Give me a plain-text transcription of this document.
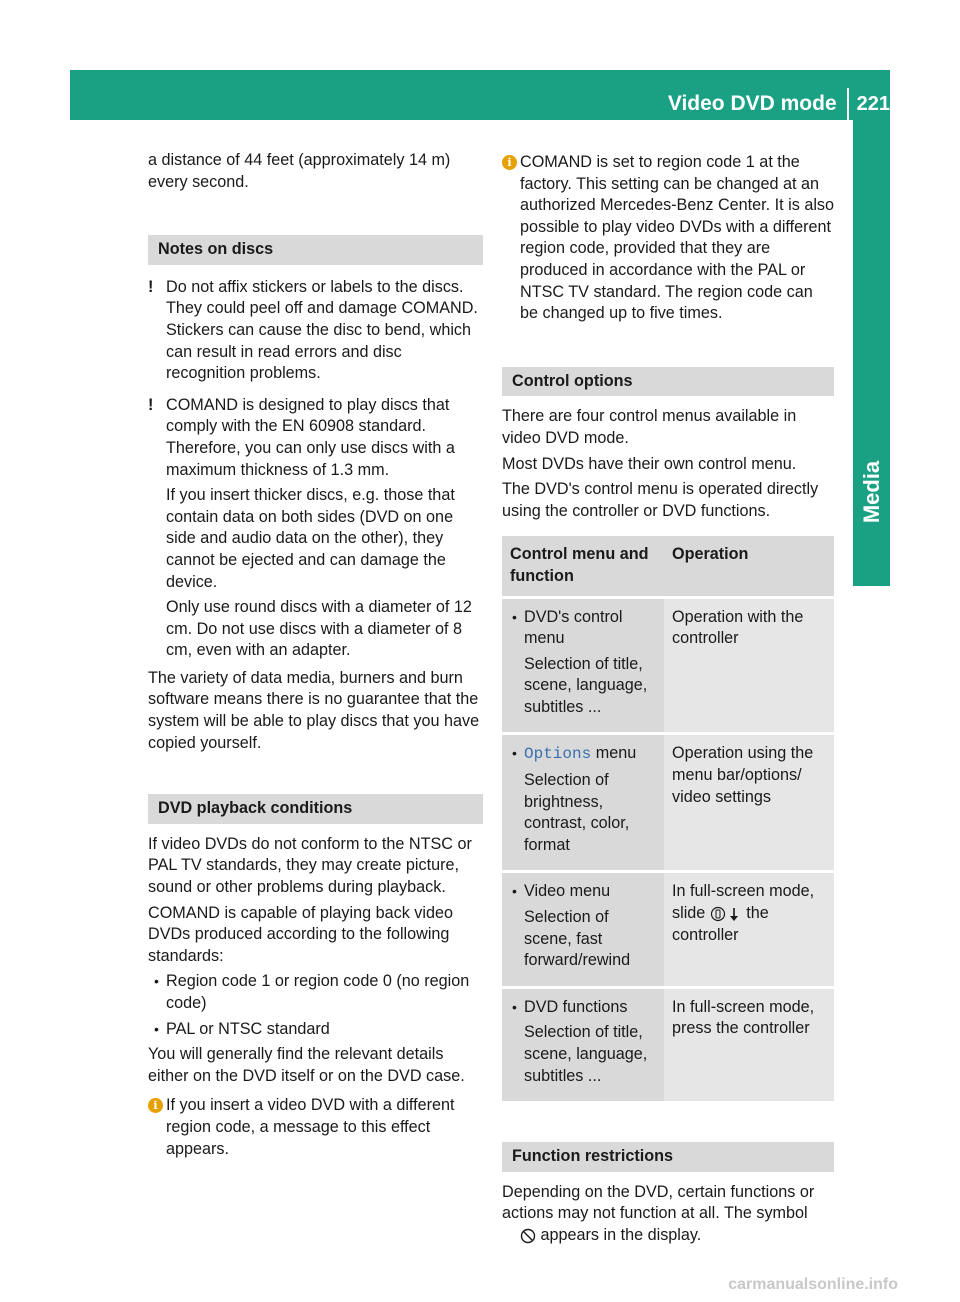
Video DVD mode	221
Media

a distance of 44 feet (approximately 14 m) every second.

Notes on discs
! Do not affix stickers or labels to the discs. They could peel off and damage COMAND. Stickers can cause the disc to bend, which can result in read errors and disc recognition problems.

! COMAND is designed to play discs that comply with the EN 60908 standard. Therefore, you can only use discs with a maximum thickness of 1.3 mm.

If you insert thicker discs, e.g. those that contain data on both sides (DVD on one side and audio data on the other), they cannot be ejected and can damage the device.

Only use round discs with a diameter of 12 cm. Do not use discs with a diameter of 8 cm, even with an adapter.

The variety of data media, burners and burn software means there is no guarantee that the system will be able to play discs that you have copied yourself.

DVD playback conditions

If video DVDs do not conform to the NTSC or PAL TV standards, they may create picture, sound or other problems during playback.

COMAND is capable of playing back video DVDs produced according to the following standards:

• Region code 1 or region code 0 (no region code)
• PAL or NTSC standard

You will generally find the relevant details either on the DVD itself or on the DVD case.

i If you insert a video DVD with a different region code, a message to this effect appears.

i COMAND is set to region code 1 at the factory. This setting can be changed at an authorized Mercedes-Benz Center. It is also possible to play video DVDs with a different region code, provided that they are produced in accordance with the PAL or NTSC TV standard. The region code can be changed up to five times.

Control options

There are four control menus available in video DVD mode.

Most DVDs have their own control menu.

The DVD's control menu is operated directly using the controller or DVD functions.

Control menu and function	Operation

• DVD's control menu
Selection of title, scene, language, subtitles ...	Operation with the controller

• Options menu
Selection of brightness, contrast, color, format	Operation using the menu bar/options/ video settings

• Video menu
Selection of scene, fast forward/rewind	In full-screen mode, slide the controller

• DVD functions
Selection of title, scene, language, subtitles ...	In full-screen mode, press the controller
Function restrictions

Depending on the DVD, certain functions or actions may not function at all. The symbol  appears in the display.

carmanualsonline.info
